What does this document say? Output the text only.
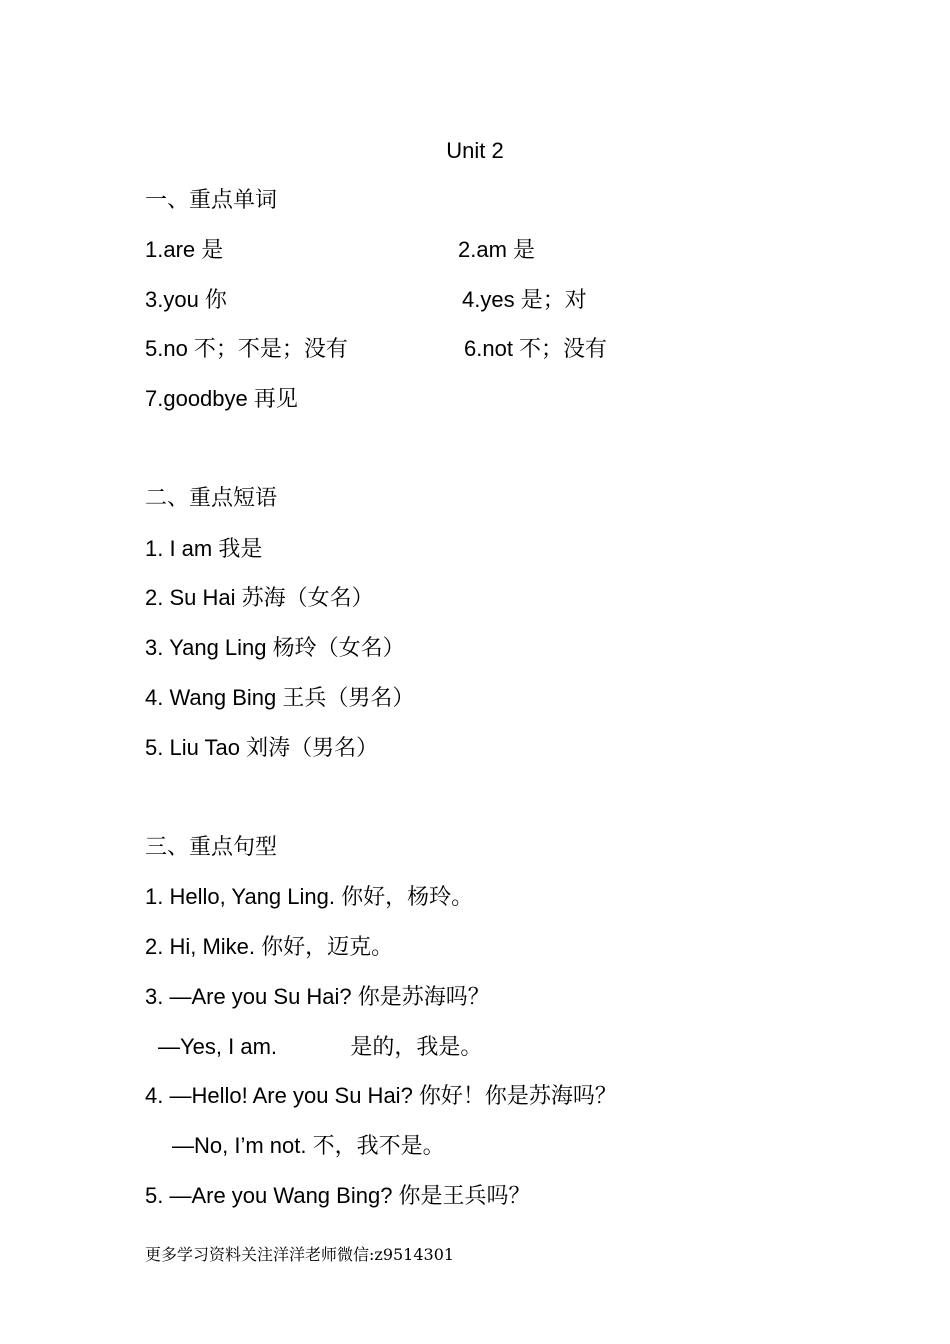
Unit 2
一、重点单词
1.are 是	2.am 是
3.you 你	4.yes 是；对
5.no 不；不是；没有	6.not 不；没有
7.goodbye 再见
二、重点短语
1. I am 我是
2. Su Hai 苏海（女名）
3. Yang Ling 杨玲（女名）
4. Wang Bing 王兵（男名）
5. Liu Tao 刘涛（男名）
三、重点句型
1. Hello, Yang Ling. 你好，杨玲。
2. Hi, Mike. 你好，迈克。
3. —Are you Su Hai? 你是苏海吗？
—Yes, I am.            是的，我是。
4. —Hello! Are you Su Hai? 你好！你是苏海吗？
—No, I’m not. 不，我不是。
5. —Are you Wang Bing? 你是王兵吗？
更多学习资料关注洋洋老师微信:z9514301
